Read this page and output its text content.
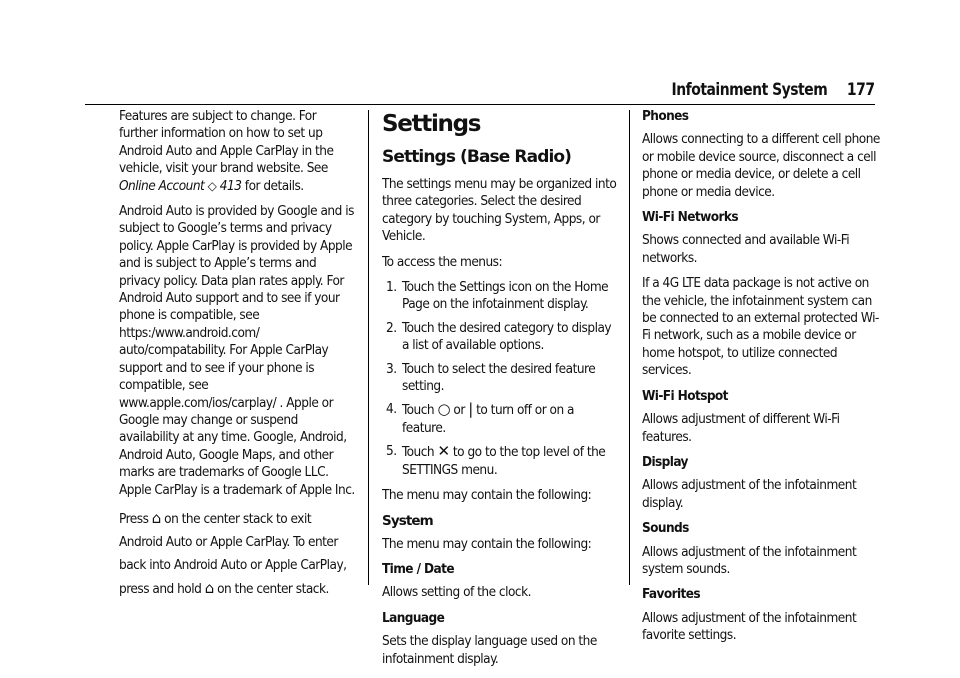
Infotainment System 177

Features are subject to change. For further information on how to set up Android Auto and Apple CarPlay in the vehicle, visit your brand website. See Online Account ◇ 413 for details.

Android Auto is provided by Google and is subject to Google’s terms and privacy policy. Apple CarPlay is provided by Apple and is subject to Apple’s terms and privacy policy. Data plan rates apply. For Android Auto support and to see if your phone is compatible, see https:/www.android.com/ auto/compatability. For Apple CarPlay support and to see if your phone is compatible, see www.apple.com/ios/carplay/ . Apple or Google may change or suspend availability at any time. Google, Android, Android Auto, Google Maps, and other marks are trademarks of Google LLC. Apple CarPlay is a trademark of Apple Inc.

Press ⌂ on the center stack to exit Android Auto or Apple CarPlay. To enter back into Android Auto or Apple CarPlay, press and hold ⌂ on the center stack.

Settings
Settings (Base Radio)

The settings menu may be organized into three categories. Select the desired category by touching System, Apps, or Vehicle.

To access the menus:

1. Touch the Settings icon on the Home Page on the infotainment display.
2. Touch the desired category to display a list of available options.
3. Touch to select the desired feature setting.
4. Touch ○ or | to turn off or on a feature.
5. Touch ✕ to go to the top level of the SETTINGS menu.

The menu may contain the following:

System

The menu may contain the following:

Time / Date

Allows setting of the clock.

Language

Sets the display language used on the infotainment display.

Phones

Allows connecting to a different cell phone or mobile device source, disconnect a cell phone or media device, or delete a cell phone or media device.

Wi-Fi Networks

Shows connected and available Wi-Fi networks.

If a 4G LTE data package is not active on the vehicle, the infotainment system can be connected to an external protected Wi-Fi network, such as a mobile device or home hotspot, to utilize connected services.

Wi-Fi Hotspot

Allows adjustment of different Wi-Fi features.

Display

Allows adjustment of the infotainment display.

Sounds

Allows adjustment of the infotainment system sounds.

Favorites

Allows adjustment of the infotainment favorite settings.
